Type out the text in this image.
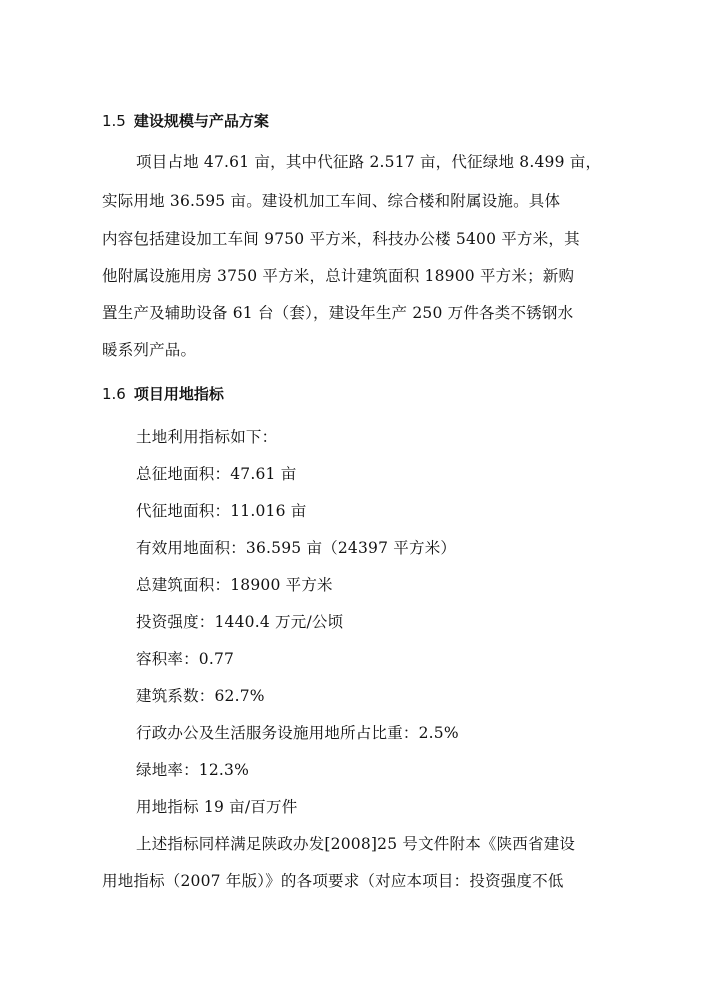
1.5 建设规模与产品方案
项目占地 47.61 亩，其中代征路 2.517 亩，代征绿地 8.499 亩，
实际用地 36.595 亩。建设机加工车间、综合楼和附属设施。具体
内容包括建设加工车间 9750 平方米，科技办公楼 5400 平方米，其
他附属设施用房 3750 平方米，总计建筑面积 18900 平方米；新购
置生产及辅助设备 61 台（套），建设年生产 250 万件各类不锈钢水
暖系列产品。
1.6 项目用地指标
土地利用指标如下：
总征地面积：47.61 亩
代征地面积：11.016 亩
有效用地面积：36.595 亩（24397 平方米）
总建筑面积：18900 平方米
投资强度：1440.4 万元/公顷
容积率：0.77
建筑系数：62.7%
行政办公及生活服务设施用地所占比重：2.5%
绿地率：12.3%
用地指标 19 亩/百万件
上述指标同样满足陕政办发[2008]25 号文件附本《陕西省建设
用地指标（2007 年版）》的各项要求（对应本项目：投资强度不低
